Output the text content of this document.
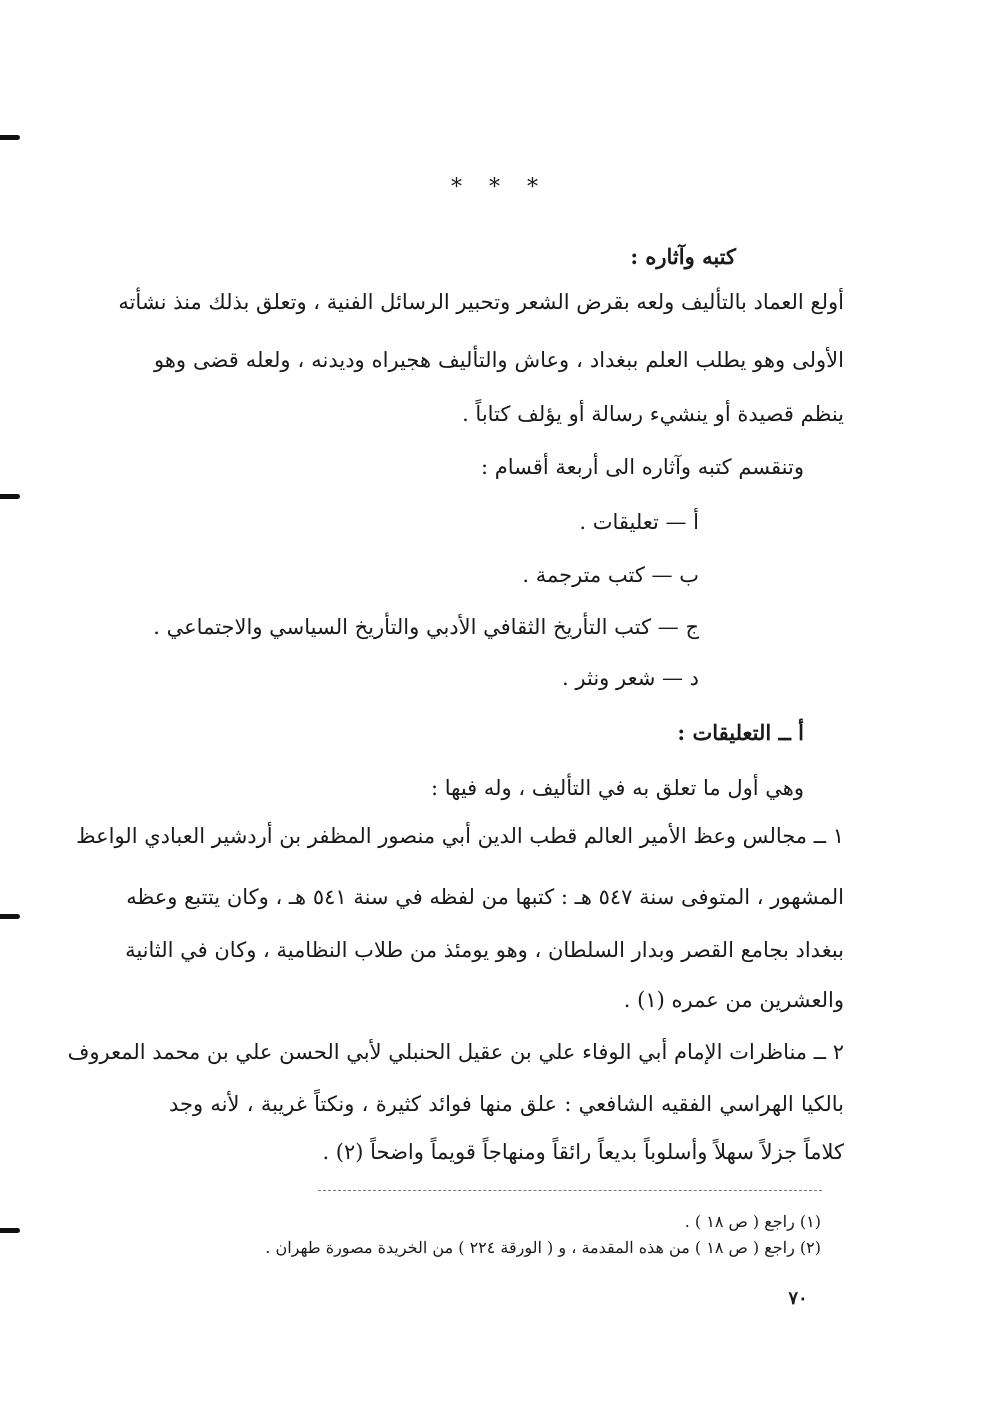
* * *
كتبه وآثاره :
أولع العماد بالتأليف ولعه بقرض الشعر وتحبير الرسائل الفنية ، وتعلق بذلك منذ نشأته
الأولى وهو يطلب العلم ببغداد ، وعاش والتأليف هجيراه وديدنه ، ولعله قضى وهو
ينظم قصيدة أو ينشيء رسالة أو يؤلف كتاباً .
وتنقسم كتبه وآثاره الى أربعة أقسام :
أ — تعليقات .
ب — كتب مترجمة .
ج — كتب التأريخ الثقافي الأدبي والتأريخ السياسي والاجتماعي .
د — شعر ونثر .
أ ــ التعليقات :
وهي أول ما تعلق به في التأليف ، وله فيها :
١ ــ مجالس وعظ الأمير العالم قطب الدين أبي منصور المظفر بن أردشير العبادي الواعظ
المشهور ، المتوفى سنة ٥٤٧ هـ : كتبها من لفظه في سنة ٥٤١ هـ ، وكان يتتبع وعظه
ببغداد بجامع القصر وبدار السلطان ، وهو يومئذ من طلاب النظامية ، وكان في الثانية
والعشرين من عمره (١) .
٢ ــ مناظرات الإمام أبي الوفاء علي بن عقيل الحنبلي لأبي الحسن علي بن محمد المعروف
بالكيا الهراسي الفقيه الشافعي : علق منها فوائد كثيرة ، ونكتاً غريبة ، لأنه وجد
كلاماً جزلاً سهلاً وأسلوباً بديعاً رائقاً ومنهاجاً قويماً واضحاً (٢) .
(١) راجع ( ص ١٨ ) .
(٢) راجع ( ص ١٨ ) من هذه المقدمة ، و ( الورقة ٢٢٤ ) من الخريدة مصورة طهران .
٧٠
